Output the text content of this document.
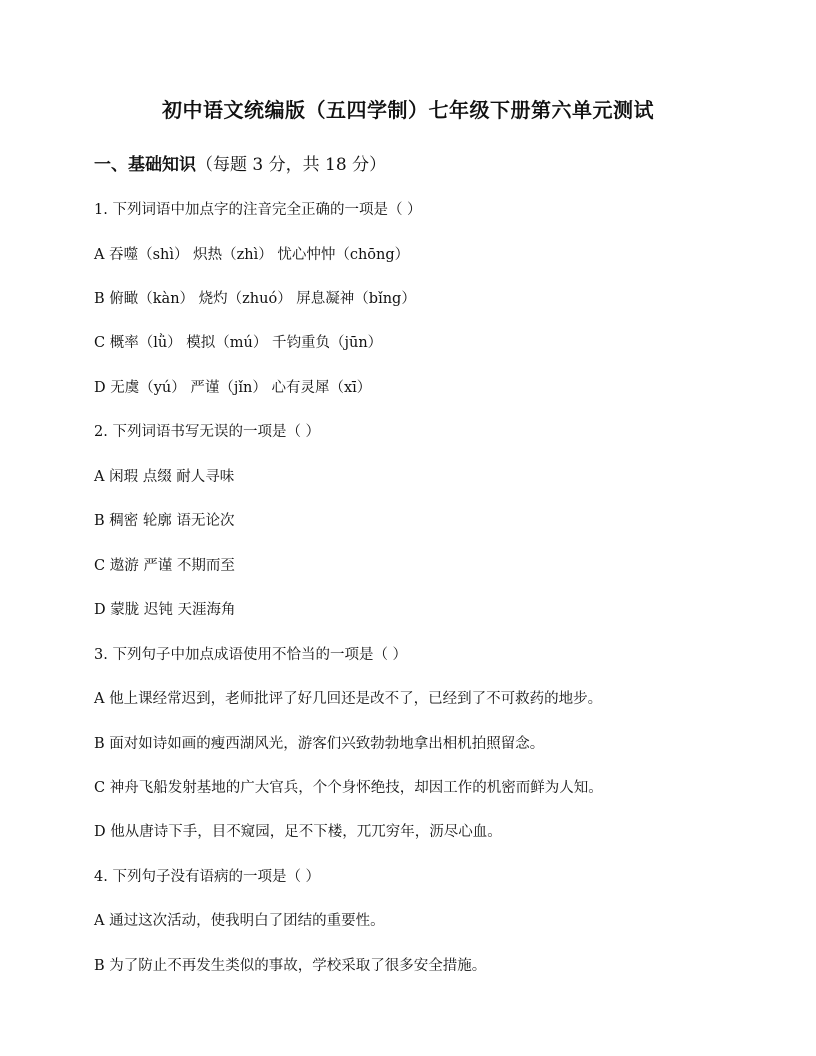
初中语文统编版（五四学制）七年级下册第六单元测试
一、基础知识（每题 3 分，共 18 分）
1. 下列词语中加点字的注音完全正确的一项是（ ）
A 吞噬（shì） 炽热（zhì） 忧心忡忡（chōng）
B 俯瞰（kàn） 烧灼（zhuó） 屏息凝神（bǐng）
C 概率（lǜ） 模拟（mú） 千钧重负（jūn）
D 无虞（yú） 严谨（jǐn） 心有灵犀（xī）
2. 下列词语书写无误的一项是（ ）
A 闲瑕 点缀 耐人寻味
B 稠密 轮廓 语无论次
C 遨游 严谨 不期而至
D 蒙胧 迟钝 天涯海角
3. 下列句子中加点成语使用不恰当的一项是（ ）
A 他上课经常迟到，老师批评了好几回还是改不了，已经到了不可救药的地步。
B 面对如诗如画的瘦西湖风光，游客们兴致勃勃地拿出相机拍照留念。
C 神舟飞船发射基地的广大官兵，个个身怀绝技，却因工作的机密而鲜为人知。
D 他从唐诗下手，目不窥园，足不下楼，兀兀穷年，沥尽心血。
4. 下列句子没有语病的一项是（ ）
A 通过这次活动，使我明白了团结的重要性。
B 为了防止不再发生类似的事故，学校采取了很多安全措施。
